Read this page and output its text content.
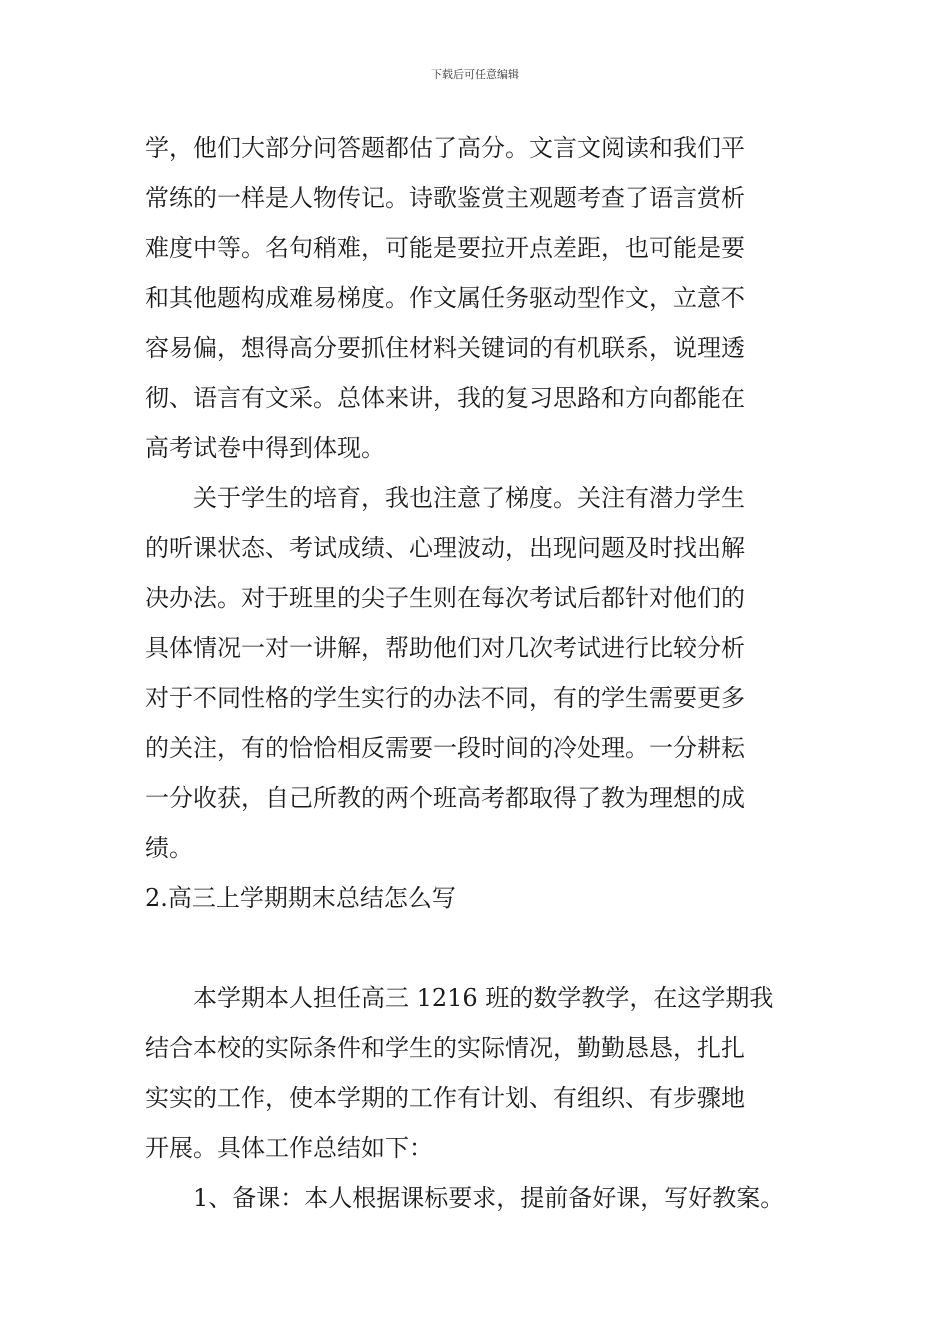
下载后可任意编辑
学，他们大部分问答题都估了高分。文言文阅读和我们平
常练的一样是人物传记。诗歌鉴赏主观题考查了语言赏析
难度中等。名句稍难，可能是要拉开点差距，也可能是要
和其他题构成难易梯度。作文属任务驱动型作文，立意不
容易偏，想得高分要抓住材料关键词的有机联系，说理透
彻、语言有文采。总体来讲，我的复习思路和方向都能在
高考试卷中得到体现。
关于学生的培育，我也注意了梯度。关注有潜力学生
的听课状态、考试成绩、心理波动，出现问题及时找出解
决办法。对于班里的尖子生则在每次考试后都针对他们的
具体情况一对一讲解，帮助他们对几次考试进行比较分析
对于不同性格的学生实行的办法不同，有的学生需要更多
的关注，有的恰恰相反需要一段时间的冷处理。一分耕耘
一分收获，自己所教的两个班高考都取得了教为理想的成
绩。
2.高三上学期期末总结怎么写
本学期本人担任高三 1216 班的数学教学，在这学期我
结合本校的实际条件和学生的实际情况，勤勤恳恳，扎扎
实实的工作，使本学期的工作有计划、有组织、有步骤地
开展。具体工作总结如下：
1、备课：本人根据课标要求，提前备好课，写好教案。
